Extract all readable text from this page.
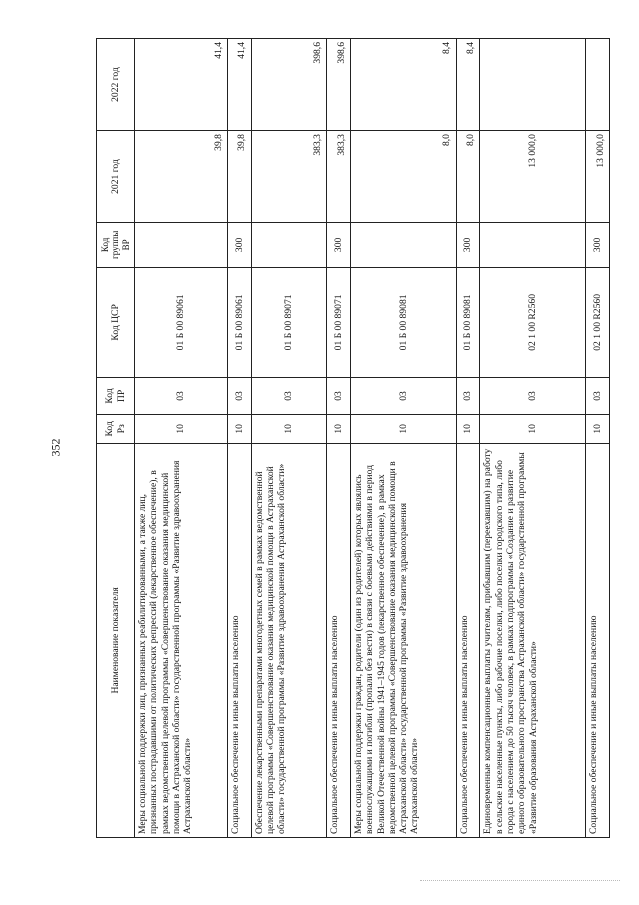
352
Наименование показателя	Код Рз	Код ПР	Код ЦСР	Код группы ВР	2021 год	2022 год
Меры социальной поддержки лиц, признанных реабилитированными, а также лиц, признанных пострадавшими от политических репрессий (лекарственное обеспечение), в рамках ведомственной целевой программы «Совершенствование оказания медицинской помощи в Астраханской области» государственной программы «Развитие здравоохранения Астраханской области»	10	03	01 Б 00 89061		39,8	41,4
Социальное обеспечение и иные выплаты населению	10	03	01 Б 00 89061	300	39,8	41,4
Обеспечение лекарственными препаратами многодетных семей в рамках ведомственной целевой программы «Совершенствование оказания медицинской помощи в Астраханской области» государственной программы «Развитие здравоохранения Астраханской области»	10	03	01 Б 00 89071		383,3	398,6
Социальное обеспечение и иные выплаты населению	10	03	01 Б 00 89071	300	383,3	398,6
Меры социальной поддержки граждан, родители (один из родителей) которых являлись военнослужащими и погибли (пропали без вести) в связи с боевыми действиями в период Великой Отечественной войны 1941–1945 годов (лекарственное обеспечение), в рамках ведомственной целевой программы «Совершенствование оказания медицинской помощи в Астраханской области» государственной программы «Развитие здравоохранения Астраханской области»	10	03	01 Б 00 89081		8,0	8,4
Социальное обеспечение и иные выплаты населению	10	03	01 Б 00 89081	300	8,0	8,4
Единовременные компенсационные выплаты учителям, прибывшим (переехавшим) на работу в сельские населенные пункты, либо рабочие поселки, либо поселки городского типа, либо города с населением до 50 тысяч человек, в рамках подпрограммы «Создание и развитие единого образовательного пространства Астраханской области» государственной программы «Развитие образования Астраханской области»	10	03	02 1 00 R2560		13 000,0	
Социальное обеспечение и иные выплаты населению	10	03	02 1 00 R2560	300	13 000,0	
